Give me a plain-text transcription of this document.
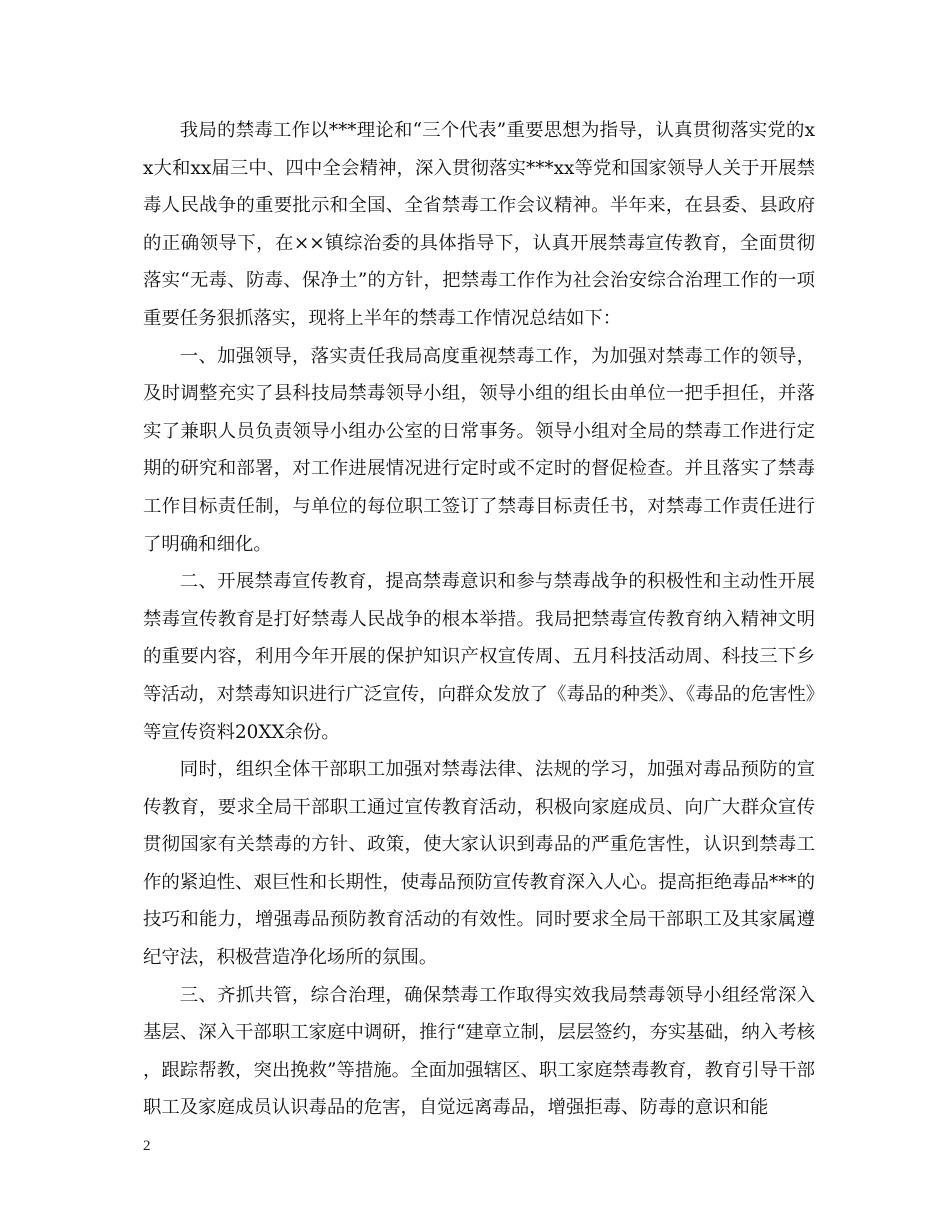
我局的禁毒工作以***理论和“三个代表”重要思想为指导，认真贯彻落实党的xx大和xx届三中、四中全会精神，深入贯彻落实***xx等党和国家领导人关于开展禁毒人民战争的重要批示和全国、全省禁毒工作会议精神。半年来，在县委、县政府的正确领导下，在××镇综治委的具体指导下，认真开展禁毒宣传教育，全面贯彻落实“无毒、防毒、保净土”的方针，把禁毒工作作为社会治安综合治理工作的一项重要任务狠抓落实，现将上半年的禁毒工作情况总结如下：

一、加强领导，落实责任我局高度重视禁毒工作，为加强对禁毒工作的领导，及时调整充实了县科技局禁毒领导小组，领导小组的组长由单位一把手担任，并落实了兼职人员负责领导小组办公室的日常事务。领导小组对全局的禁毒工作进行定期的研究和部署，对工作进展情况进行定时或不定时的督促检查。并且落实了禁毒工作目标责任制，与单位的每位职工签订了禁毒目标责任书，对禁毒工作责任进行了明确和细化。

二、开展禁毒宣传教育，提高禁毒意识和参与禁毒战争的积极性和主动性开展禁毒宣传教育是打好禁毒人民战争的根本举措。我局把禁毒宣传教育纳入精神文明的重要内容，利用今年开展的保护知识产权宣传周、五月科技活动周、科技三下乡等活动，对禁毒知识进行广泛宣传，向群众发放了《毒品的种类》、《毒品的危害性》等宣传资料20XX余份。

同时，组织全体干部职工加强对禁毒法律、法规的学习，加强对毒品预防的宣传教育，要求全局干部职工通过宣传教育活动，积极向家庭成员、向广大群众宣传贯彻国家有关禁毒的方针、政策，使大家认识到毒品的严重危害性，认识到禁毒工作的紧迫性、艰巨性和长期性，使毒品预防宣传教育深入人心。提高拒绝毒品***的技巧和能力，增强毒品预防教育活动的有效性。同时要求全局干部职工及其家属遵纪守法，积极营造净化场所的氛围。

三、齐抓共管，综合治理，确保禁毒工作取得实效我局禁毒领导小组经常深入基层、深入干部职工家庭中调研，推行“建章立制，层层签约，夯实基础，纳入考核，跟踪帮教，突出挽救”等措施。全面加强辖区、职工家庭禁毒教育，教育引导干部职工及家庭成员认识毒品的危害，自觉远离毒品，增强拒毒、防毒的意识和能

2
